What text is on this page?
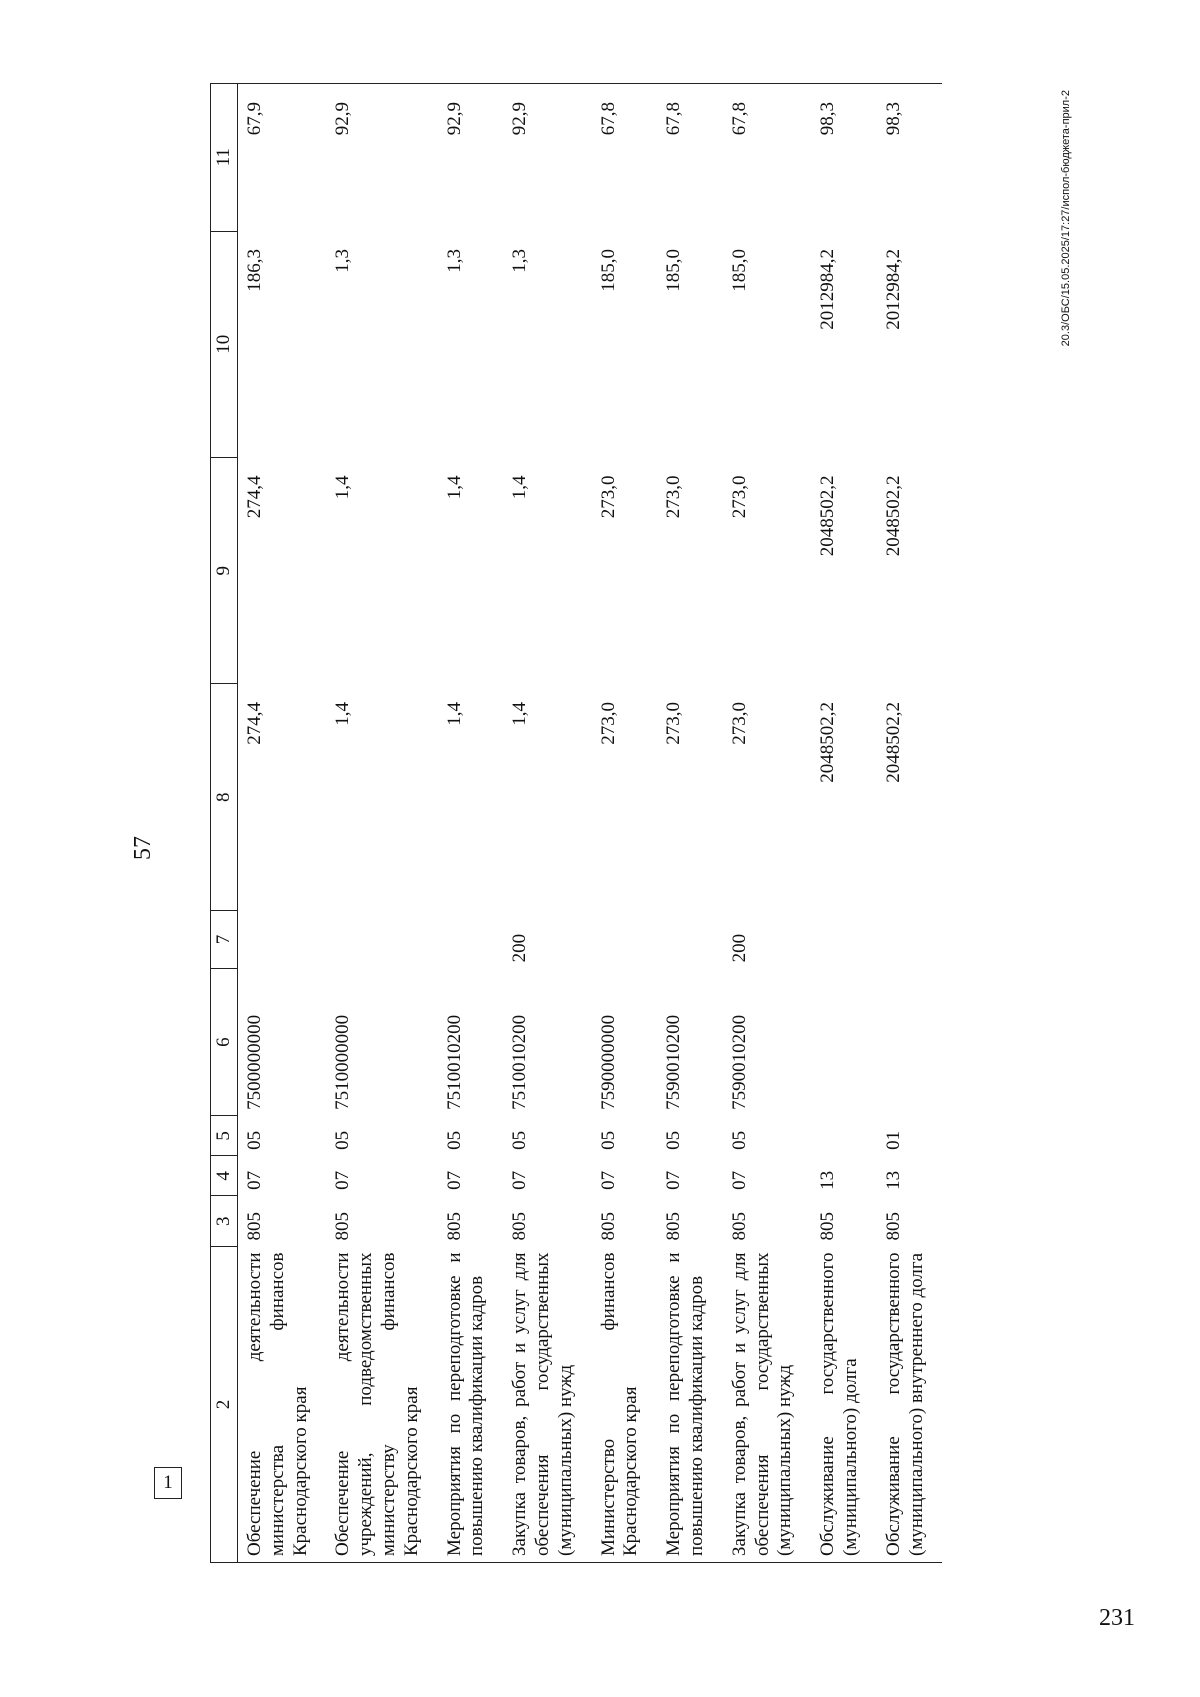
57
2	3	4	5	6	7	8	9	10	11
Обеспечение деятельности министерства финансов Краснодарского края	805	07	05	7500000000		274,4	274,4	186,3	67,9
Обеспечение деятельности учреждений, подведомственных министерству финансов Краснодарского края	805	07	05	7510000000		1,4	1,4	1,3	92,9
Мероприятия по переподготовке и повышению квалификации кадров	805	07	05	7510010200		1,4	1,4	1,3	92,9
Закупка товаров, работ и услуг для обеспечения государственных (муниципальных) нужд	805	07	05	7510010200	200	1,4	1,4	1,3	92,9
Министерство финансов Краснодарского края	805	07	05	7590000000		273,0	273,0	185,0	67,8
Мероприятия по переподготовке и повышению квалификации кадров	805	07	05	7590010200		273,0	273,0	185,0	67,8
Закупка товаров, работ и услуг для обеспечения государственных (муниципальных) нужд	805	07	05	7590010200	200	273,0	273,0	185,0	67,8
Обслуживание государственного (муниципального) долга	805	13				2048502,2	2048502,2	2012984,2	98,3
Обслуживание государственного (муниципального) внутреннего долга	805	13	01			2048502,2	2048502,2	2012984,2	98,3	20.3/ОБС/15.05.2025/17:27/испол-бюджета-прил-2
231
1
